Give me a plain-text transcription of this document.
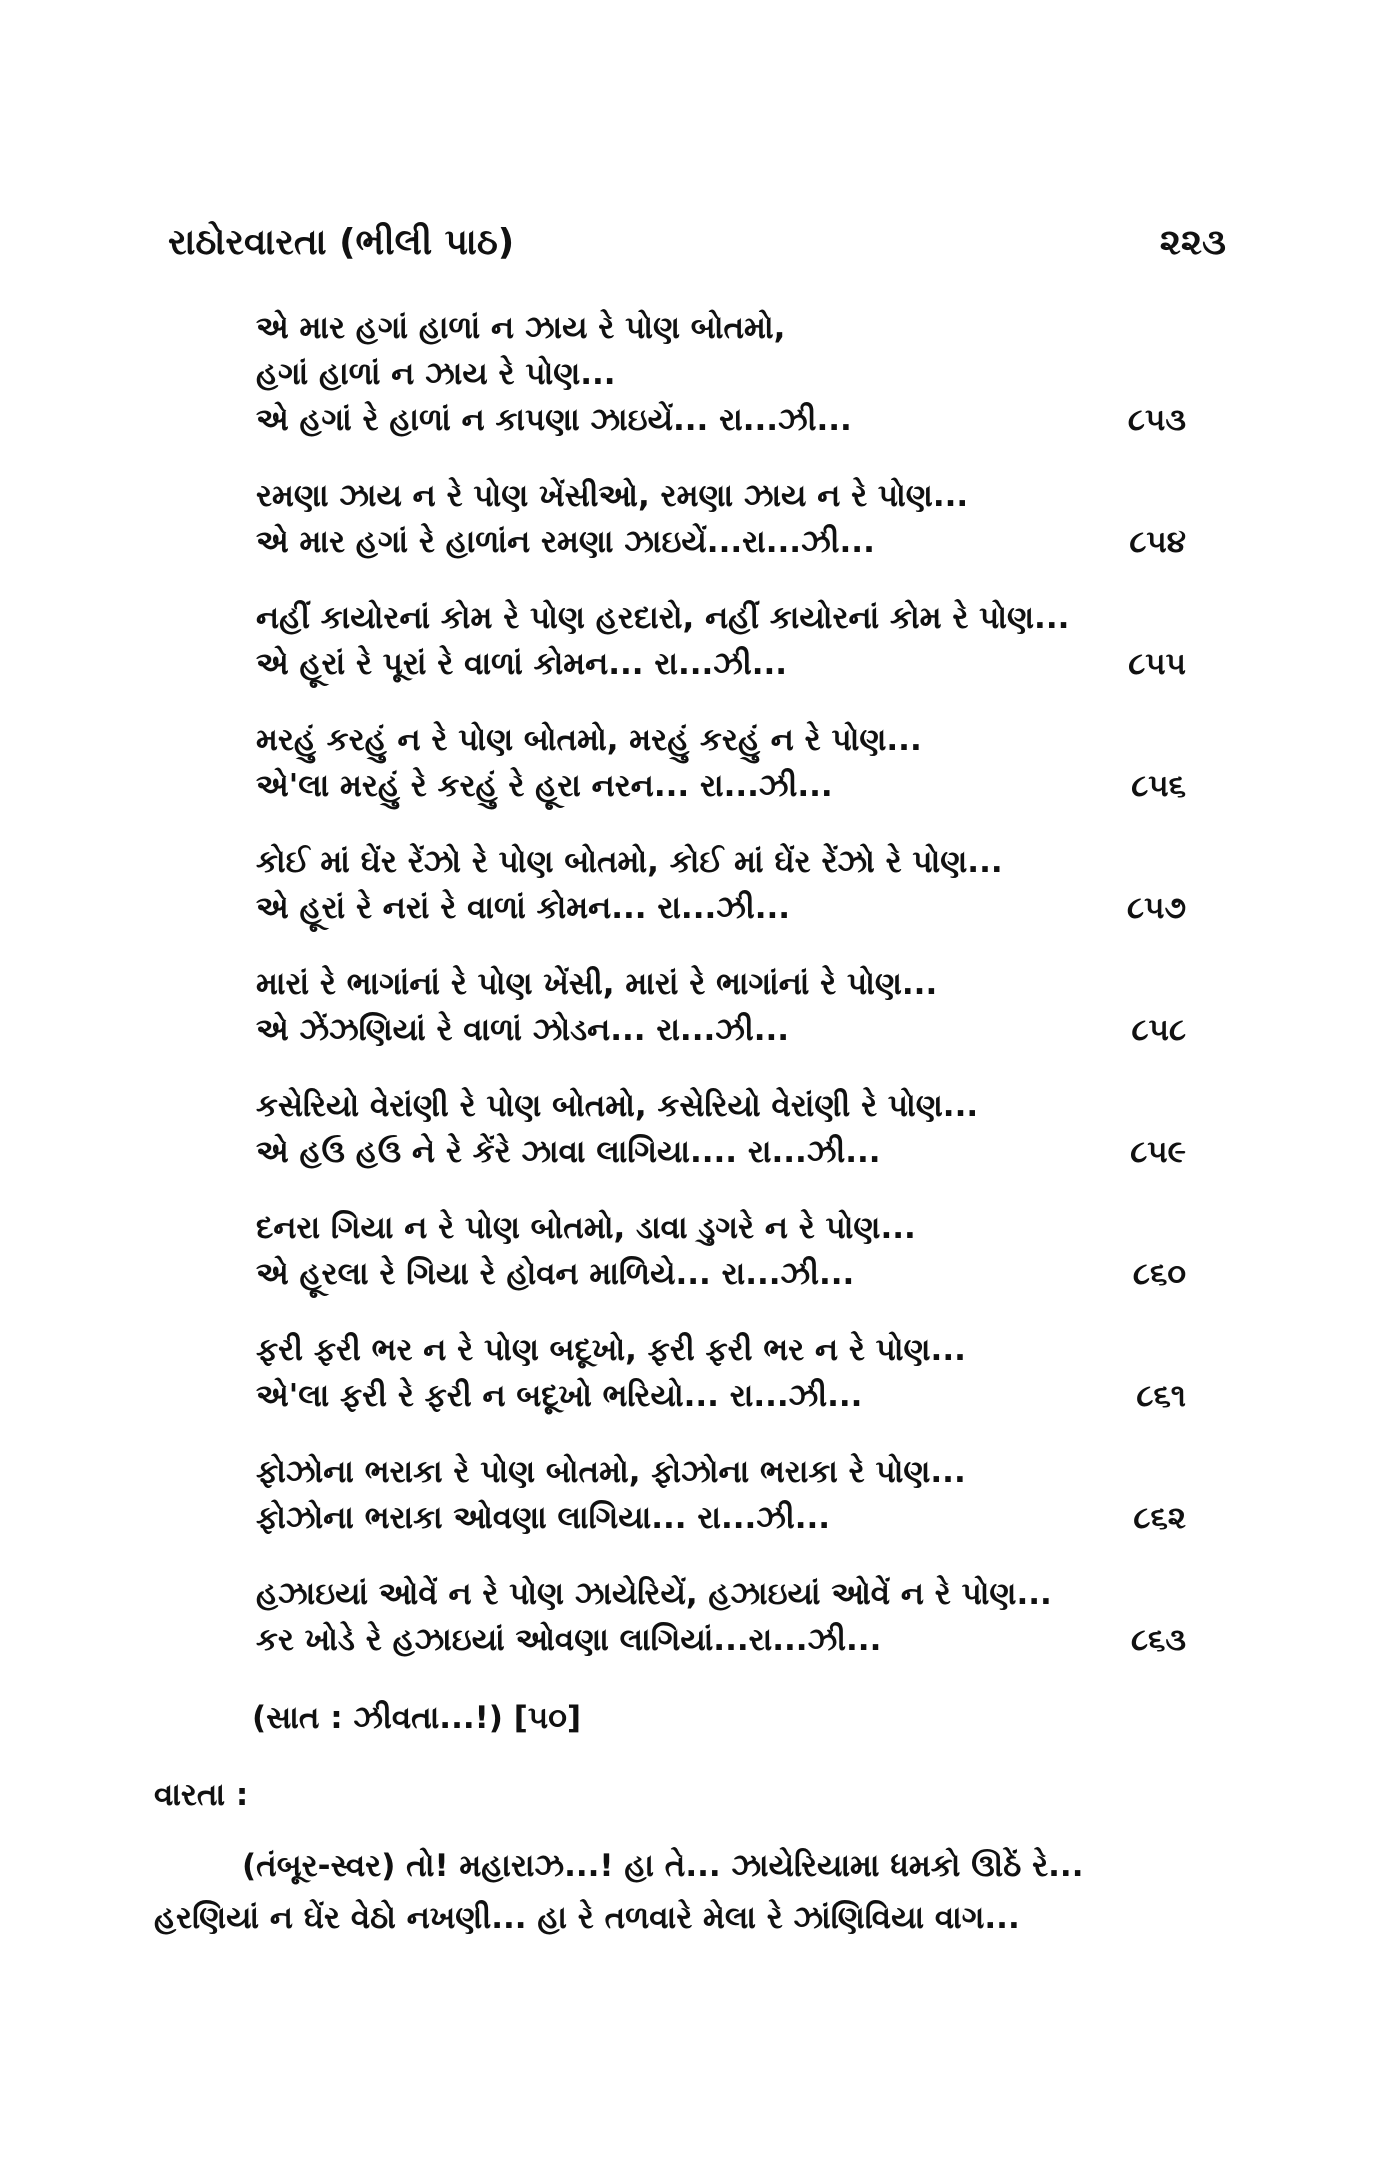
રાઠોરવારતા (ભીલી પાઠ)	૨૨૩
એ માર હગાં હાળાં ન ઝાય રે પોણ બોતમો,
હગાં હાળાં ન ઝાય રે પોણ...
એ હગાં રે હાળાં ન કાપણા ઝાઇયેં... રા...ઝી...	૮૫૩
રમણા ઝાય ન રે પોણ ખેંસીઓ, રમણા ઝાય ન રે પોણ...
એ માર હગાં રે હાળાંન રમણા ઝાઇયેં...રા...ઝી...	૮૫૪
નહીં કાયોરનાં કોમ રે પોણ હરદારો, નહીં કાયોરનાં કોમ રે પોણ...
એ હૂરાં રે પૂરાં રે વાળાં કોમન... રા...ઝી...	૮૫૫
મરહું કરહું ન રે પોણ બોતમો, મરહું કરહું ન રે પોણ...
એ'લા મરહું રે કરહું રે હૂરા નરન... રા...ઝી...	૮૫૬
કોઈ માં ઘેંર રેંઝો રે પોણ બોતમો, કોઈ માં ઘેંર રેંઝો રે પોણ...
એ હૂરાં રે નરાં રે વાળાં કોમન... રા...ઝી...	૮૫૭
મારાં રે ભાગાંનાં રે પોણ ખેંસી, મારાં રે ભાગાંનાં રે પોણ...
એ ઝેંઝણિયાં રે વાળાં ઝોડન... રા...ઝી...	૮૫૮
કસેરિયો વેરાંણી રે પોણ બોતમો, કસેરિયો વેરાંણી રે પોણ...
એ હઉ હઉ ને રે કેંરે ઝાવા લાગિયા.... રા...ઝી...	૮૫૯
દનરા ગિયા ન રે પોણ બોતમો, ડાવા ડુગરે ન રે પોણ...
એ હૂરલા રે ગિયા રે હોવન માળિયે... રા...ઝી...	૮૬૦
ફરી ફરી ભર ન રે પોણ બદૂખો, ફરી ફરી ભર ન રે પોણ...
એ'લા ફરી રે ફરી ન બદૂખો ભરિયો... રા...ઝી...	૮૬૧
ફોઝોના ભરાકા રે પોણ બોતમો, ફોઝોના ભરાકા રે પોણ...
ફોઝોના ભરાકા ઓવણા લાગિયા... રા...ઝી...	૮૬૨
હઝાઇયાં ઓવેં ન રે પોણ ઝાયેરિયેં, હઝાઇયાં ઓવેં ન રે પોણ...
કર ખોડે રે હઝાઇયાં ઓવણા લાગિયાં...રા...ઝી...	૮૬૩
(સાત : ઝીવતા...!) [૫૦]
વારતા :
(તંબૂર-સ્વર) તો! મહારાઝ...! હા તે... ઝાયેરિયામા ધમકો ઊઠેં રે...
હરણિયાં ન ઘેંર વેઠો નખણી... હા રે તળવારે મેલા રે ઝાંણિવિયા વાગ...
